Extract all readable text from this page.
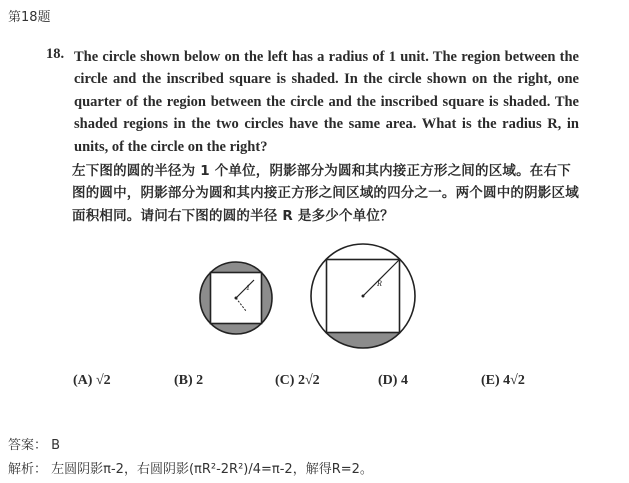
第18题
18. The circle shown below on the left has a radius of 1 unit. The region between the circle and the inscribed square is shaded. In the circle shown on the right, one quarter of the region between the circle and the inscribed square is shaded. The shaded regions in the two circles have the same area. What is the radius R, in units, of the circle on the right?
左下图的圆的半径为 1 个单位，阴影部分为圆和其内接正方形之间的区域。在右下图的圆中，阴影部分为圆和其内接正方形之间区域的四分之一。两个圆中的阴影区域面积相同。请问右下图的圆的半径 R 是多少个单位？
1	R
(A) √2	(B) 2	(C) 2√2	(D) 4	(E) 4√2
答案： B
解析： 左圆阴影π-2，右圆阴影(πR²-2R²)/4=π-2，解得R=2。
